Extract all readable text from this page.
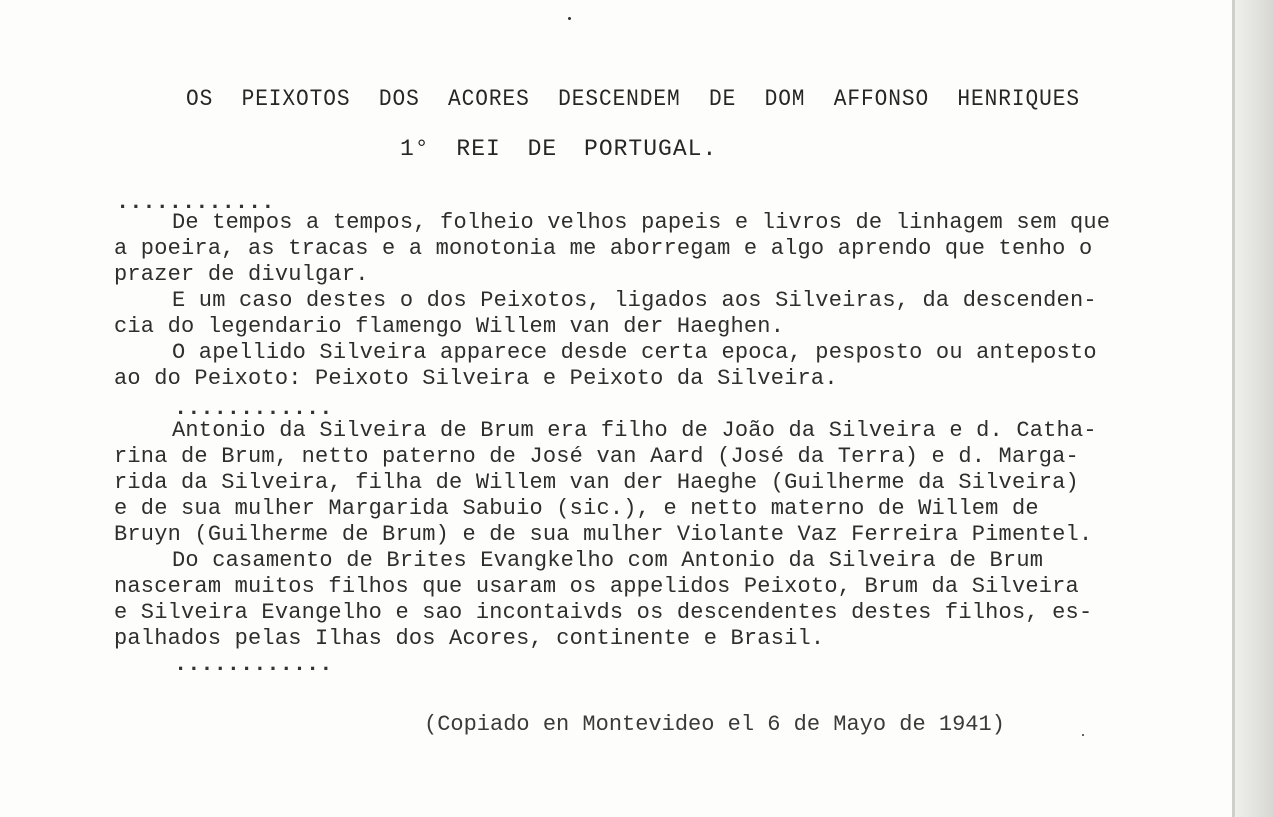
OS PEIXOTOS DOS ACORES DESCENDEM DE DOM AFFONSO HENRIQUES
1° REI DE PORTUGAL.
............
De tempos a tempos, folheio velhos papeis e livros de linhagem sem que
a poeira, as tracas e a monotonia me aborregam e algo aprendo que tenho o
prazer de divulgar.
E um caso destes o dos Peixotos, ligados aos Silveiras, da descenden-
cia do legendario flamengo Willem van der Haeghen.
O apellido Silveira apparece desde certa epoca, pesposto ou anteposto
ao do Peixoto: Peixoto Silveira e Peixoto da Silveira.
............
Antonio da Silveira de Brum era filho de João da Silveira e d. Catha-
rina de Brum, netto paterno de José van Aard (José da Terra) e d. Marga-
rida da Silveira, filha de Willem van der Haeghe (Guilherme da Silveira)
e de sua mulher Margarida Sabuio (sic.), e netto materno de Willem de
Bruyn (Guilherme de Brum) e de sua mulher Violante Vaz Ferreira Pimentel.
Do casamento de Brites Evangkelho com Antonio da Silveira de Brum
nasceram muitos filhos que usaram os appelidos Peixoto, Brum da Silveira
e Silveira Evangelho e sao incontaivds os descendentes destes filhos, es-
palhados pelas Ilhas dos Acores, continente e Brasil.
............
(Copiado en Montevideo el 6 de Mayo de 1941)
